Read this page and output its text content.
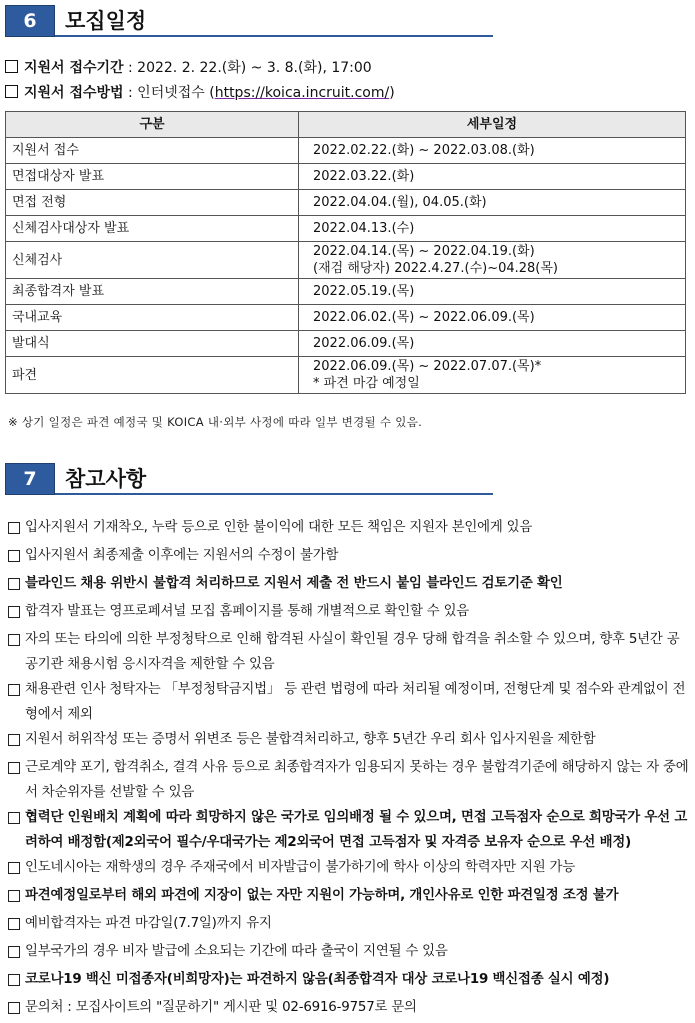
6	모집일정
지원서 접수기간 : 2022. 2. 22.(화) ~ 3. 8.(화), 17:00
지원서 접수방법 : 인터넷접수 (https://koica.incruit.com/)
구분	세부일정
지원서 접수	2022.02.22.(화) ~ 2022.03.08.(화)
면접대상자 발표	2022.03.22.(화)
면접 전형	2022.04.04.(월), 04.05.(화)
신체검사대상자 발표	2022.04.13.(수)
신체검사	2022.04.14.(목) ~ 2022.04.19.(화)
(재검 해당자) 2022.4.27.(수)~04.28(목)

최종합격자 발표	2022.05.19.(목)
국내교육	2022.06.02.(목) ~ 2022.06.09.(목)
발대식	2022.06.09.(목)
파견	2022.06.09.(목) ~ 2022.07.07.(목)*
* 파견 마감 예정일
※ 상기 일정은 파견 예정국 및 KOICA 내·외부 사정에 따라 일부 변경될 수 있음.
7	참고사항
입사지원서 기재착오, 누락 등으로 인한 불이익에 대한 모든 책임은 지원자 본인에게 있음
입사지원서 최종제출 이후에는 지원서의 수정이 불가함
블라인드 채용 위반시 불합격 처리하므로 지원서 제출 전 반드시 붙임 블라인드 검토기준 확인
합격자 발표는 영프로페셔널 모집 홈페이지를 통해 개별적으로 확인할 수 있음
자의 또는 타의에 의한 부정청탁으로 인해 합격된 사실이 확인될 경우 당해 합격을 취소할 수 있으며, 향후 5년간 공공기관 채용시험 응시자격을 제한할 수 있음
채용관련 인사 청탁자는 「부정청탁금지법」 등 관련 법령에 따라 처리될 예정이며, 전형단계 및 점수와 관계없이 전형에서 제외
지원서 허위작성 또는 증명서 위변조 등은 불합격처리하고, 향후 5년간 우리 회사 입사지원을 제한함
근로계약 포기, 합격취소, 결격 사유 등으로 최종합격자가 임용되지 못하는 경우 불합격기준에 해당하지 않는 자 중에서 차순위자를 선발할 수 있음
협력단 인원배치 계획에 따라 희망하지 않은 국가로 임의배정 될 수 있으며, 면접 고득점자 순으로 희망국가 우선 고려하여 배정함(제2외국어 필수/우대국가는 제2외국어 면접 고득점자 및 자격증 보유자 순으로 우선 배정)
인도네시아는 재학생의 경우 주재국에서 비자발급이 불가하기에 학사 이상의 학력자만 지원 가능
파견예정일로부터 해외 파견에 지장이 없는 자만 지원이 가능하며, 개인사유로 인한 파견일정 조정 불가
예비합격자는 파견 마감일(7.7일)까지 유지
일부국가의 경우 비자 발급에 소요되는 기간에 따라 출국이 지연될 수 있음
코로나19 백신 미접종자(비희망자)는 파견하지 않음(최종합격자 대상 코로나19 백신접종 실시 예정)
문의처 : 모집사이트의 "질문하기" 게시판 및 02-6916-9757로 문의
